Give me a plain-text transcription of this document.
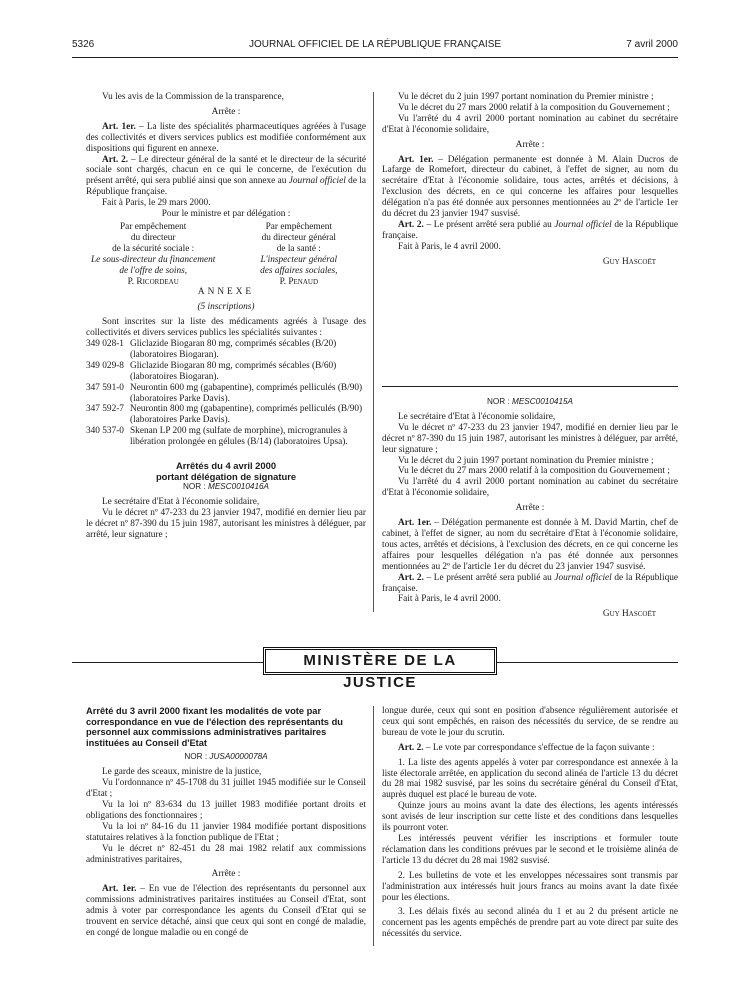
5326	JOURNAL OFFICIEL DE LA RÉPUBLIQUE FRANÇAISE	7 avril 2000

Vu les avis de la Commission de la transparence,

Arrête :

Art. 1er. – La liste des spécialités pharmaceutiques agréées à l'usage des collectivités et divers services publics est modifiée conformément aux dispositions qui figurent en annexe.

Art. 2. – Le directeur général de la santé et le directeur de la sécurité sociale sont chargés, chacun en ce qui le concerne, de l'exécution du présent arrêté, qui sera publié ainsi que son annexe au Journal officiel de la République française.

Fait à Paris, le 29 mars 2000.

Pour le ministre et par délégation :

Par empêchement
du directeur
de la sécurité sociale :
Le sous-directeur du financement
de l'offre de soins,
P. Ricordeau
Par empêchement
du directeur général
de la santé :
L'inspecteur général
des affaires sociales,
P. Penaud

ANNEXE

(5 inscriptions)

Sont inscrites sur la liste des médicaments agréés à l'usage des collectivités et divers services publics les spécialités suivantes :

349 028-1 Gliclazide Biogaran 80 mg, comprimés sécables (B/20) (laboratoires Biogaran).
349 029-8 Gliclazide Biogaran 80 mg, comprimés sécables (B/60) (laboratoires Biogaran).
347 591-0 Neurontin 600 mg (gabapentine), comprimés pelliculés (B/90) (laboratoires Parke Davis).
347 592-7 Neurontin 800 mg (gabapentine), comprimés pelliculés (B/90) (laboratoires Parke Davis).
340 537-0 Skenan LP 200 mg (sulfate de morphine), microgranules à libération prolongée en gélules (B/14) (laboratoires Upsa).
Arrêtés du 4 avril 2000
portant délégation de signature
NOR : MESC0010416A

Le secrétaire d'Etat à l'économie solidaire,

Vu le décret nº 47-233 du 23 janvier 1947, modifié en dernier lieu par le décret nº 87-390 du 15 juin 1987, autorisant les ministres à déléguer, par arrêté, leur signature ;

Vu le décret du 2 juin 1997 portant nomination du Premier ministre ;

Vu le décret du 27 mars 2000 relatif à la composition du Gouvernement ;

Vu l'arrêté du 4 avril 2000 portant nomination au cabinet du secrétaire d'Etat à l'économie solidaire,

Arrête :

Art. 1er. – Délégation permanente est donnée à M. Alain Ducros de Lafarge de Romefort, directeur du cabinet, à l'effet de signer, au nom du secrétaire d'Etat à l'économie solidaire, tous actes, arrêtés et décisions, à l'exclusion des décrets, en ce qui concerne les affaires pour lesquelles délégation n'a pas été donnée aux personnes mentionnées au 2º de l'article 1er du décret du 23 janvier 1947 susvisé.

Art. 2. – Le présent arrêté sera publié au Journal officiel de la République française.

Fait à Paris, le 4 avril 2000.

Guy Hascoët

NOR : MESC0010415A

Le secrétaire d'Etat à l'économie solidaire,

Vu le décret nº 47-233 du 23 janvier 1947, modifié en dernier lieu par le décret nº 87-390 du 15 juin 1987, autorisant les ministres à déléguer, par arrêté, leur signature ;

Vu le décret du 2 juin 1997 portant nomination du Premier ministre ;

Vu le décret du 27 mars 2000 relatif à la composition du Gouvernement ;

Vu l'arrêté du 4 avril 2000 portant nomination au cabinet du secrétaire d'Etat à l'économie solidaire,

Arrête :

Art. 1er. – Délégation permanente est donnée à M. David Martin, chef de cabinet, à l'effet de signer, au nom du secrétaire d'Etat à l'économie solidaire, tous actes, arrêtés et décisions, à l'exclusion des décrets, en ce qui concerne les affaires pour lesquelles délégation n'a pas été donnée aux personnes mentionnées au 2º de l'article 1er du décret du 23 janvier 1947 susvisé.

Art. 2. – Le présent arrêté sera publié au Journal officiel de la République française.

Fait à Paris, le 4 avril 2000.

Guy Hascoët

MINISTÈRE DE LA JUSTICE
Arrêté du 3 avril 2000 fixant les modalités de vote par correspondance en vue de l'élection des représentants du personnel aux commissions administratives paritaires instituées au Conseil d'Etat
NOR : JUSA0000078A

Le garde des sceaux, ministre de la justice,

Vu l'ordonnance nº 45-1708 du 31 juillet 1945 modifiée sur le Conseil d'Etat ;

Vu la loi nº 83-634 du 13 juillet 1983 modifiée portant droits et obligations des fonctionnaires ;

Vu la loi nº 84-16 du 11 janvier 1984 modifiée portant dispositions statutaires relatives à la fonction publique de l'Etat ;

Vu le décret nº 82-451 du 28 mai 1982 relatif aux commissions administratives paritaires,

Arrête :

Art. 1er. – En vue de l'élection des représentants du personnel aux commissions administratives paritaires instituées au Conseil d'Etat, sont admis à voter par correspondance les agents du Conseil d'Etat qui se trouvent en service détaché, ainsi que ceux qui sont en congé de maladie, en congé de longue maladie ou en congé de

longue durée, ceux qui sont en position d'absence régulièrement autorisée et ceux qui sont empêchés, en raison des nécessités du service, de se rendre au bureau de vote le jour du scrutin.

Art. 2. – Le vote par correspondance s'effectue de la façon suivante :

1. La liste des agents appelés à voter par correspondance est annexée à la liste électorale arrêtée, en application du second alinéa de l'article 13 du décret du 28 mai 1982 susvisé, par les soins du secrétaire général du Conseil d'Etat, auprès duquel est placé le bureau de vote.

Quinze jours au moins avant la date des élections, les agents intéressés sont avisés de leur inscription sur cette liste et des conditions dans lesquelles ils pourront voter.

Les intéressés peuvent vérifier les inscriptions et formuler toute réclamation dans les conditions prévues par le second et le troisième alinéa de l'article 13 du décret du 28 mai 1982 susvisé.

2. Les bulletins de vote et les enveloppes nécessaires sont transmis par l'administration aux intéressés huit jours francs au moins avant la date fixée pour les élections.

3. Les délais fixés au second alinéa du 1 et au 2 du présent article ne concernent pas les agents empêchés de prendre part au vote direct par suite des nécessités du service.
